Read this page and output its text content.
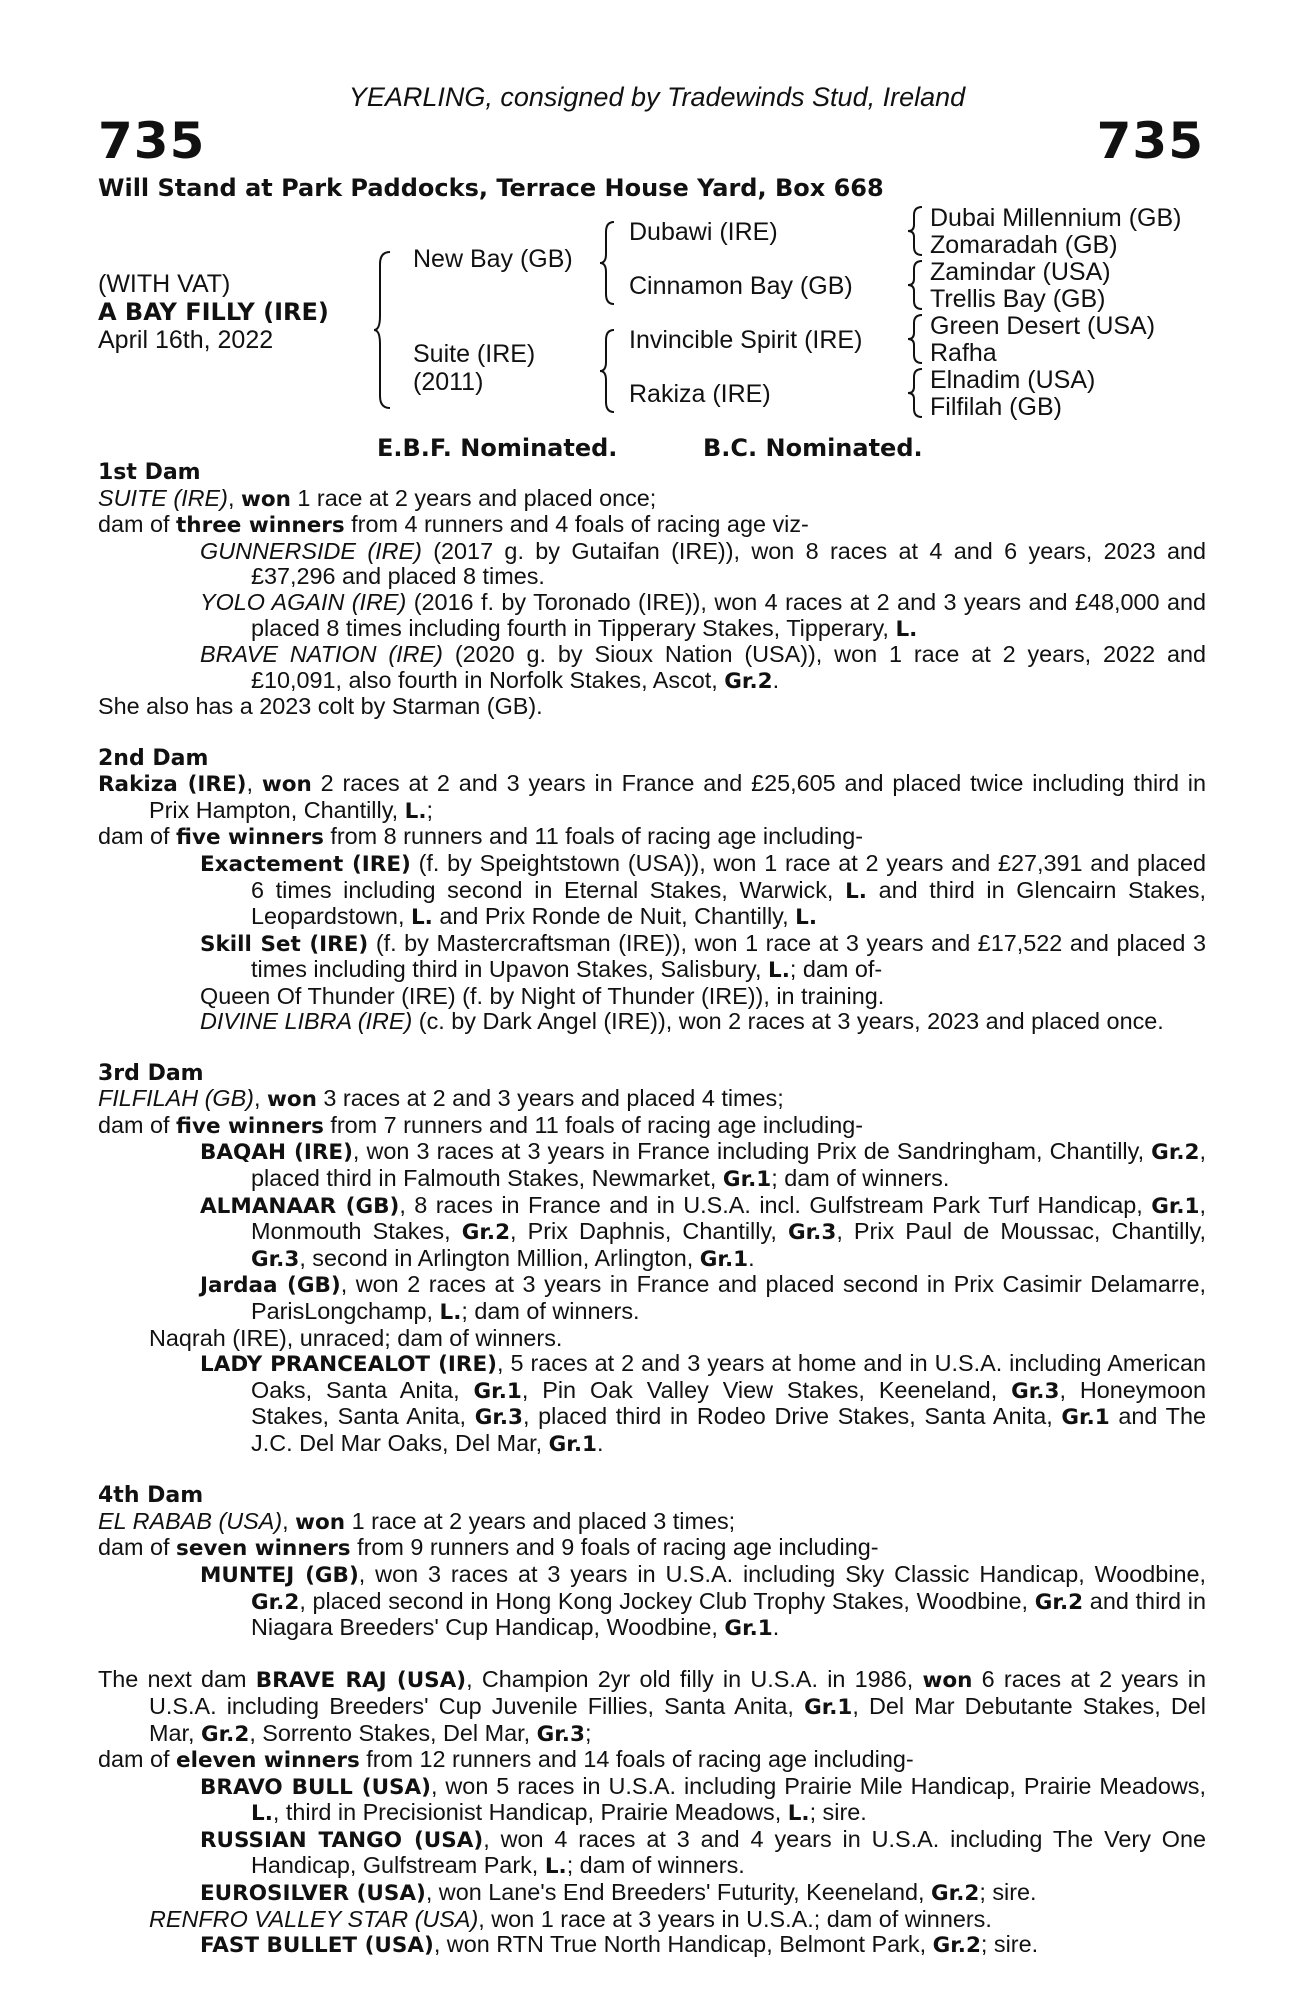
YEARLING, consigned by Tradewinds Stud, Ireland
735	735
Will Stand at Park Paddocks, Terrace House Yard, Box 668
(WITH VAT)
A BAY FILLY (IRE)
April 16th, 2022
New Bay (GB)
Suite (IRE)
(2011)
Dubawi (IRE)
Cinnamon Bay (GB)
Invincible Spirit (IRE)
Rakiza (IRE)
Dubai Millennium (GB)
Zomaradah (GB)
Zamindar (USA)
Trellis Bay (GB)
Green Desert (USA)
Rafha
Elnadim (USA)
Filfilah (GB)
E.B.F. Nominated.	B.C. Nominated.

1st Dam

SUITE (IRE), won 1 race at 2 years and placed once;

dam of three winners from 4 runners and 4 foals of racing age viz-

GUNNERSIDE (IRE) (2017 g. by Gutaifan (IRE)), won 8 races at 4 and 6 years, 2023 and £37,296 and placed 8 times.

YOLO AGAIN (IRE) (2016 f. by Toronado (IRE)), won 4 races at 2 and 3 years and £48,000 and placed 8 times including fourth in Tipperary Stakes, Tipperary, L.

BRAVE NATION (IRE) (2020 g. by Sioux Nation (USA)), won 1 race at 2 years, 2022 and £10,091, also fourth in Norfolk Stakes, Ascot, Gr.2.

She also has a 2023 colt by Starman (GB).

2nd Dam

Rakiza (IRE), won 2 races at 2 and 3 years in France and £25,605 and placed twice including third in Prix Hampton, Chantilly, L.;

dam of five winners from 8 runners and 11 foals of racing age including-

Exactement (IRE) (f. by Speightstown (USA)), won 1 race at 2 years and £27,391 and placed 6 times including second in Eternal Stakes, Warwick, L. and third in Glencairn Stakes, Leopardstown, L. and Prix Ronde de Nuit, Chantilly, L.

Skill Set (IRE) (f. by Mastercraftsman (IRE)), won 1 race at 3 years and £17,522 and placed 3 times including third in Upavon Stakes, Salisbury, L.; dam of-

Queen Of Thunder (IRE) (f. by Night of Thunder (IRE)), in training.

DIVINE LIBRA (IRE) (c. by Dark Angel (IRE)), won 2 races at 3 years, 2023 and placed once.

3rd Dam

FILFILAH (GB), won 3 races at 2 and 3 years and placed 4 times;

dam of five winners from 7 runners and 11 foals of racing age including-

BAQAH (IRE), won 3 races at 3 years in France including Prix de Sandringham, Chantilly, Gr.2, placed third in Falmouth Stakes, Newmarket, Gr.1; dam of winners.

ALMANAAR (GB), 8 races in France and in U.S.A. incl. Gulfstream Park Turf Handicap, Gr.1, Monmouth Stakes, Gr.2, Prix Daphnis, Chantilly, Gr.3, Prix Paul de Moussac, Chantilly, Gr.3, second in Arlington Million, Arlington, Gr.1.

Jardaa (GB), won 2 races at 3 years in France and placed second in Prix Casimir Delamarre, ParisLongchamp, L.; dam of winners.

Naqrah (IRE), unraced; dam of winners.

LADY PRANCEALOT (IRE), 5 races at 2 and 3 years at home and in U.S.A. including American Oaks, Santa Anita, Gr.1, Pin Oak Valley View Stakes, Keeneland, Gr.3, Honeymoon Stakes, Santa Anita, Gr.3, placed third in Rodeo Drive Stakes, Santa Anita, Gr.1 and The J.C. Del Mar Oaks, Del Mar, Gr.1.

4th Dam

EL RABAB (USA), won 1 race at 2 years and placed 3 times;

dam of seven winners from 9 runners and 9 foals of racing age including-

MUNTEJ (GB), won 3 races at 3 years in U.S.A. including Sky Classic Handicap, Woodbine, Gr.2, placed second in Hong Kong Jockey Club Trophy Stakes, Woodbine, Gr.2 and third in Niagara Breeders' Cup Handicap, Woodbine, Gr.1.

The next dam BRAVE RAJ (USA), Champion 2yr old filly in U.S.A. in 1986, won 6 races at 2 years in U.S.A. including Breeders' Cup Juvenile Fillies, Santa Anita, Gr.1, Del Mar Debutante Stakes, Del Mar, Gr.2, Sorrento Stakes, Del Mar, Gr.3;

dam of eleven winners from 12 runners and 14 foals of racing age including-

BRAVO BULL (USA), won 5 races in U.S.A. including Prairie Mile Handicap, Prairie Meadows, L., third in Precisionist Handicap, Prairie Meadows, L.; sire.

RUSSIAN TANGO (USA), won 4 races at 3 and 4 years in U.S.A. including The Very One Handicap, Gulfstream Park, L.; dam of winners.

EUROSILVER (USA), won Lane's End Breeders' Futurity, Keeneland, Gr.2; sire.

RENFRO VALLEY STAR (USA), won 1 race at 3 years in U.S.A.; dam of winners.

FAST BULLET (USA), won RTN True North Handicap, Belmont Park, Gr.2; sire.
